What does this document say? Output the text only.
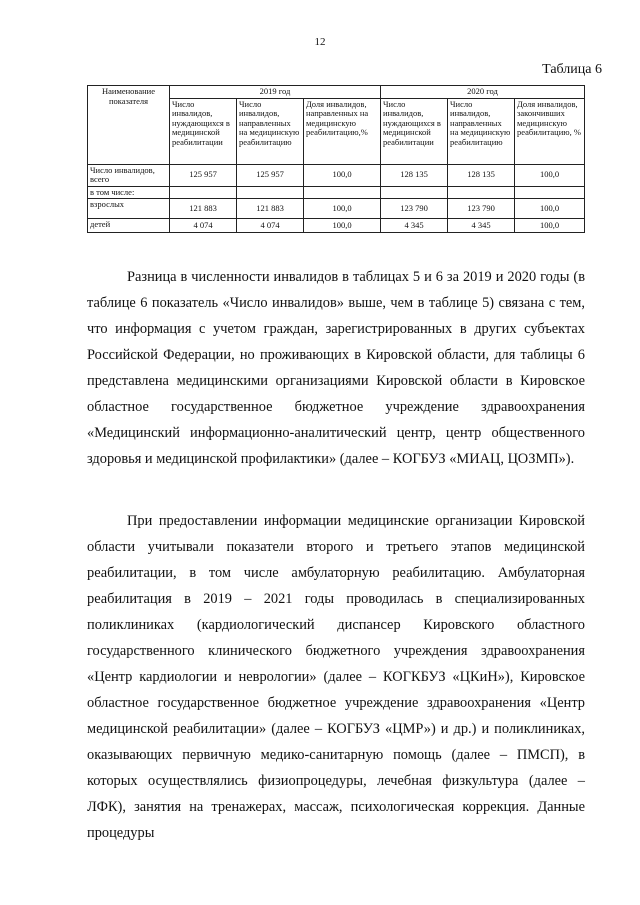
12
Таблица 6
Наименование показателя	2019 год			2020 год		
	Число инвалидов, нуждающихся в медицинской реабилитации	Число инвалидов, направленных на медицинскую реабилитацию	Доля инвалидов, направленных на медицинскую реабилитацию,%	Число инвалидов, нуждающихся в медицинской реабилитации	Число инвалидов, направленных на медицинскую реабилитацию	Доля инвалидов, закончивших медицинскую реабилитацию, %
Число инвалидов, всего	125 957	125 957	100,0	128 135	128 135	100,0
в том числе:						
взрослых	121 883	121 883	100,0	123 790	123 790	100,0
детей	4 074	4 074	100,0	4 345	4 345	100,0

Разница в численности инвалидов в таблицах 5 и 6 за 2019 и 2020 годы (в таблице 6 показатель «Число инвалидов» выше, чем в таблице 5) связана с тем, что информация с учетом граждан, зарегистрированных в других субъектах Российской Федерации, но проживающих в Кировской области, для таблицы 6 представлена медицинскими организациями Кировской области в Кировское областное государственное бюджетное учреждение здравоохранения «Медицинский информационно-аналитический центр, центр общественного здоровья и медицинской профилактики» (далее – КОГБУЗ «МИАЦ, ЦОЗМП»).

При предоставлении информации медицинские организации Кировской области учитывали показатели второго и третьего этапов медицинской реабилитации, в том числе амбулаторную реабилитацию. Амбулаторная реабилитация в 2019 – 2021 годы проводилась в специализированных поликлиниках (кардиологический диспансер Кировского областного государственного клинического бюджетного учреждения здравоохранения «Центр кардиологии и неврологии» (далее – КОГКБУЗ «ЦКиН»), Кировское областное государственное бюджетное учреждение здравоохранения «Центр медицинской реабилитации» (далее – КОГБУЗ «ЦМР») и др.) и поликлиниках, оказывающих первичную медико-санитарную помощь (далее – ПМСП), в которых осуществлялись физиопроцедуры, лечебная физкультура (далее – ЛФК), занятия на тренажерах, массаж, психологическая коррекция. Данные процедуры
